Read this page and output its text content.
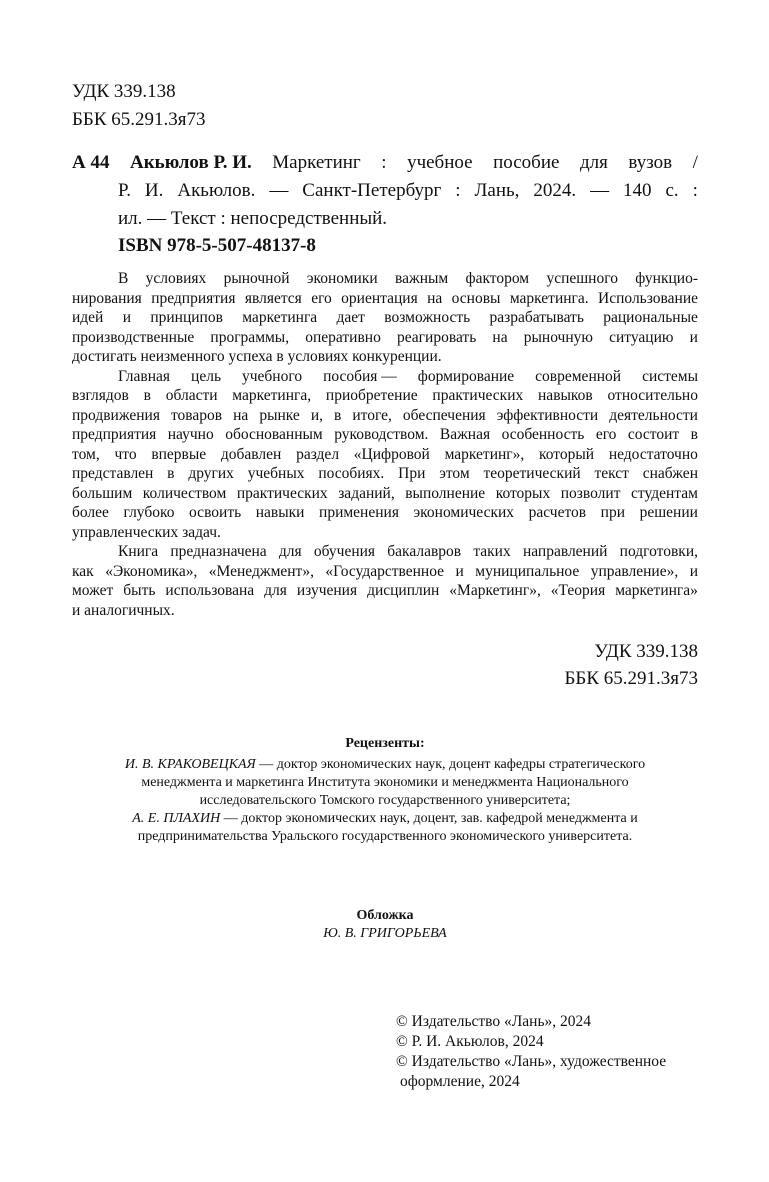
УДК 339.138
ББК 65.291.3я73
А 44 Акьюлов Р. И. Маркетинг : учебное пособие для вузов /
Р. И. Акьюлов. — Санкт-Петербург : Лань, 2024. — 140 с. :
ил. — Текст : непосредственный.
ISBN 978-5-507-48137-8
В условиях рыночной экономики важным фактором успешного функцио-
нирования предприятия является его ориентация на основы маркетинга. Использование
идей и принципов маркетинга дает возможность разрабатывать рациональные
производственные программы, оперативно реагировать на рыночную ситуацию и
достигать неизменного успеха в условиях конкуренции.
Главная цель учебного пособия — формирование современной системы
взглядов в области маркетинга, приобретение практических навыков относительно
продвижения товаров на рынке и, в итоге, обеспечения эффективности деятельности
предприятия научно обоснованным руководством. Важная особенность его состоит в
том, что впервые добавлен раздел «Цифровой маркетинг», который недостаточно
представлен в других учебных пособиях. При этом теоретический текст снабжен
большим количеством практических заданий, выполнение которых позволит студентам
более глубоко освоить навыки применения экономических расчетов при решении
управленческих задач.
Книга предназначена для обучения бакалавров таких направлений подготовки,
как «Экономика», «Менеджмент», «Государственное и муниципальное управление», и
может быть использована для изучения дисциплин «Маркетинг», «Теория маркетинга»
и аналогичных.
УДК 339.138
ББК 65.291.3я73
Рецензенты:
И. В. КРАКОВЕЦКАЯ — доктор экономических наук, доцент кафедры стратегического
менеджмента и маркетинга Института экономики и менеджмента Национального
исследовательского Томского государственного университета;
А. Е. ПЛАХИН — доктор экономических наук, доцент, зав. кафедрой менеджмента и
предпринимательства Уральского государственного экономического университета.
Обложка
Ю. В. ГРИГОРЬЕВА
© Издательство «Лань», 2024
© Р. И. Акьюлов, 2024
© Издательство «Лань», художественное
оформление, 2024
